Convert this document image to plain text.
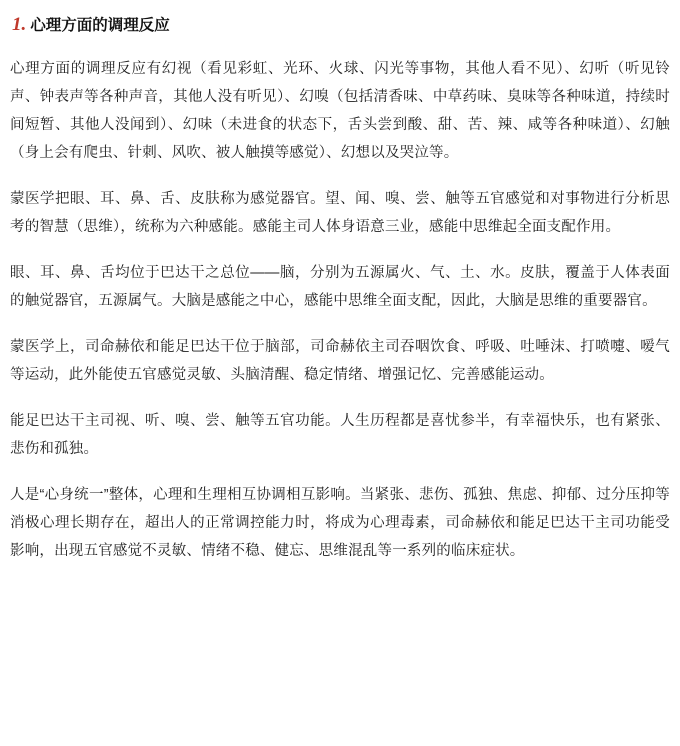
1. 心理方面的调理反应

心理方面的调理反应有幻视（看见彩虹、光环、火球、闪光等事物，其他人看不见）、幻听（听见铃声、钟表声等各种声音，其他人没有听见）、幻嗅（包括清香味、中草药味、臭味等各种味道，持续时间短暂、其他人没闻到）、幻味（未进食的状态下，舌头尝到酸、甜、苦、辣、咸等各种味道）、幻触（身上会有爬虫、针刺、风吹、被人触摸等感觉）、幻想以及哭泣等。

蒙医学把眼、耳、鼻、舌、皮肤称为感觉器官。望、闻、嗅、尝、触等五官感觉和对事物进行分析思考的智慧（思维），统称为六种感能。感能主司人体身语意三业，感能中思维起全面支配作用。

眼、耳、鼻、舌均位于巴达干之总位——脑，分别为五源属火、气、土、水。皮肤，覆盖于人体表面的触觉器官，五源属气。大脑是感能之中心，感能中思维全面支配，因此，大脑是思维的重要器官。

蒙医学上，司命赫依和能足巴达干位于脑部，司命赫依主司吞咽饮食、呼吸、吐唾沫、打喷嚏、嗳气等运动，此外能使五官感觉灵敏、头脑清醒、稳定情绪、增强记忆、完善感能运动。

能足巴达干主司视、听、嗅、尝、触等五官功能。人生历程都是喜忧参半，有幸福快乐，也有紧张、悲伤和孤独。

人是“心身统一”整体，心理和生理相互协调相互影响。当紧张、悲伤、孤独、焦虑、抑郁、过分压抑等消极心理长期存在，超出人的正常调控能力时，将成为心理毒素，司命赫依和能足巴达干主司功能受影响，出现五官感觉不灵敏、情绪不稳、健忘、思维混乱等一系列的临床症状。
